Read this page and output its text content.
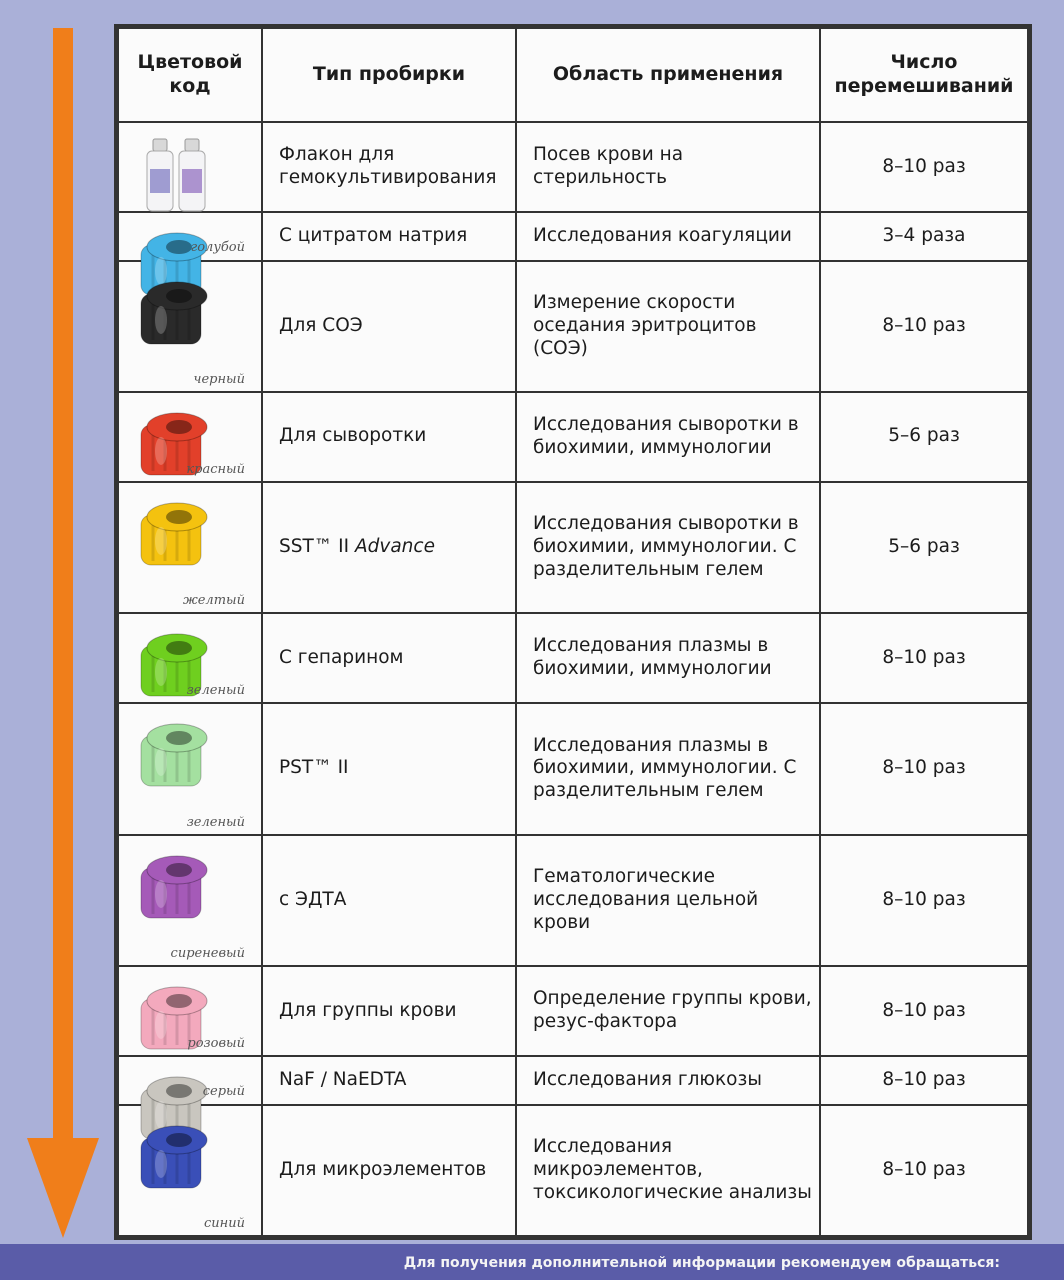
Цветовой код	Тип пробирки	Область применения	Число перемешиваний

	Флакон для гемокультивирования	Посев крови на стерильность	8–10 раз

голубой	С цитратом натрия	Исследования коагуляции	3–4 раза

черный	Для СОЭ	Измерение скорости оседания эритроцитов (СОЭ)	8–10 раз

красный	Для сыворотки	Исследования сыворотки в биохимии, иммунологии	5–6 раз

желтый	SST™ II Advance	Исследования сыворотки в биохимии, иммунологии. С разделительным гелем	5–6 раз

зеленый	С гепарином	Исследования плазмы в биохимии, иммунологии	8–10 раз

зеленый	PST™ II	Исследования плазмы в биохимии, иммунологии. С разделительным гелем	8–10 раз

сиреневый	с ЭДТА	Гематологические исследования цельной крови	8–10 раз

розовый	Для группы крови	Определение группы крови, резус-фактора	8–10 раз

серый	NaF / NaEDTA	Исследования глюкозы	8–10 раз

синий	Для микроэлементов	Исследования микроэлементов, токсикологические анализы	8–10 раз
Для получения дополнительной информации рекомендуем обращаться:
